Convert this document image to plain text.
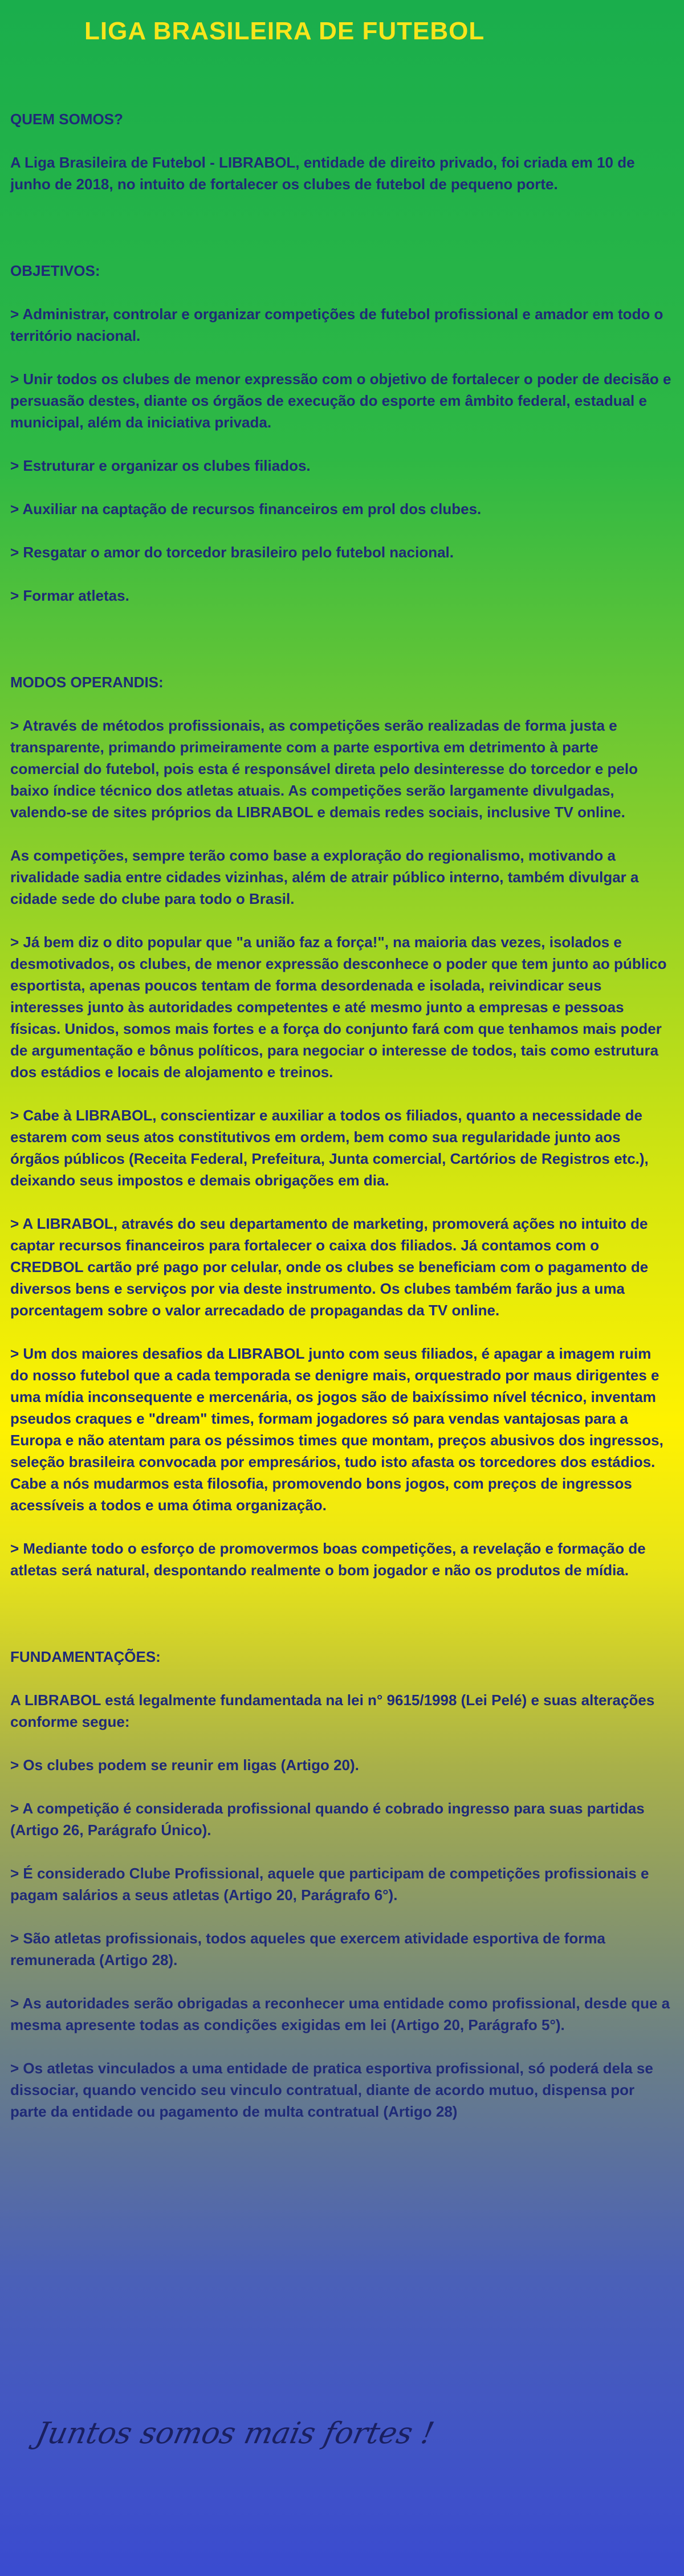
LIGA BRASILEIRA DE FUTEBOL
QUEM SOMOS?
A Liga Brasileira de Futebol - LIBRABOL, entidade de direito privado, foi criada em 10 de junho de 2018, no intuito de fortalecer os clubes de futebol de pequeno porte.
OBJETIVOS:
> Administrar, controlar e organizar competições de futebol profissional e amador em todo o território nacional.
> Unir todos os clubes de menor expressão com o objetivo de fortalecer o poder de decisão e persuasão destes, diante os órgãos de execução do esporte em âmbito federal, estadual e municipal, além da iniciativa privada.
> Estruturar e organizar os clubes filiados.
> Auxiliar na captação de recursos financeiros em prol dos clubes.
> Resgatar o amor do torcedor brasileiro pelo futebol nacional.
> Formar atletas.
MODOS OPERANDIS:
> Através de métodos profissionais, as competições serão realizadas de forma justa e transparente, primando primeiramente com a parte esportiva em detrimento à parte comercial do futebol, pois esta é responsável direta pelo desinteresse do torcedor e pelo baixo índice técnico dos atletas atuais. As competições serão largamente divulgadas, valendo-se de sites próprios da LIBRABOL e demais redes sociais, inclusive TV online.
As competições, sempre terão como base a exploração do regionalismo, motivando a rivalidade sadia entre cidades vizinhas, além de atrair público interno, também divulgar a cidade sede do clube para todo o Brasil.
> Já bem diz o dito popular que "a união faz a força!", na maioria das vezes, isolados e desmotivados, os clubes, de menor expressão desconhece o poder que tem junto ao público esportista, apenas poucos tentam de forma desordenada e isolada, reivindicar seus interesses junto às autoridades competentes e até mesmo junto a empresas e pessoas físicas. Unidos, somos mais fortes e a força do conjunto fará com que tenhamos mais poder de argumentação e bônus políticos, para negociar o interesse de todos, tais como estrutura dos estádios e locais de alojamento e treinos.
> Cabe à LIBRABOL, conscientizar e auxiliar a todos os filiados, quanto a necessidade de estarem com seus atos constitutivos em ordem, bem como sua regularidade junto aos órgãos públicos (Receita Federal, Prefeitura, Junta comercial, Cartórios de Registros etc.), deixando seus impostos e demais obrigações em dia.
> A LIBRABOL, através do seu departamento de marketing, promoverá ações no intuito de captar recursos financeiros para fortalecer o caixa dos filiados. Já contamos com o CREDBOL cartão pré pago por celular, onde os clubes se beneficiam com o pagamento de diversos bens e serviços por via deste instrumento. Os clubes também farão jus a uma porcentagem sobre o valor arrecadado de propagandas da TV online.
> Um dos maiores desafios da LIBRABOL junto com seus filiados, é apagar a imagem ruim do nosso futebol que a cada temporada se denigre mais, orquestrado por maus dirigentes e uma mídia inconsequente e mercenária, os jogos são de baixíssimo nível técnico, inventam pseudos craques e "dream" times, formam jogadores só para vendas vantajosas para a Europa e não atentam para os péssimos times que montam, preços abusivos dos ingressos, seleção brasileira convocada por empresários, tudo isto afasta os torcedores dos estádios. Cabe a nós mudarmos esta filosofia, promovendo bons jogos, com preços de ingressos acessíveis a todos e uma ótima organização.
> Mediante todo o esforço de promovermos boas competições, a revelação e formação de atletas será natural, despontando realmente o bom jogador e não os produtos de mídia.
FUNDAMENTAÇÕES:
A LIBRABOL está legalmente fundamentada na lei n° 9615/1998 (Lei Pelé) e suas alterações conforme segue:
> Os clubes podem se reunir em ligas (Artigo 20).
> A competição é considerada profissional quando é cobrado ingresso para suas partidas (Artigo 26, Parágrafo Único).
> É considerado Clube Profissional, aquele que participam de competições profissionais e pagam salários a seus atletas (Artigo 20, Parágrafo 6°).
> São atletas profissionais, todos aqueles que exercem atividade esportiva de forma remunerada (Artigo 28).
> As autoridades serão obrigadas a reconhecer uma entidade como profissional, desde que a mesma apresente todas as condições exigidas em lei (Artigo 20, Parágrafo 5°).
> Os atletas vinculados a uma entidade de pratica esportiva profissional, só poderá dela se dissociar, quando vencido seu vinculo contratual, diante de acordo mutuo, dispensa por parte da entidade ou pagamento de multa contratual (Artigo 28)
Juntos somos mais fortes !
